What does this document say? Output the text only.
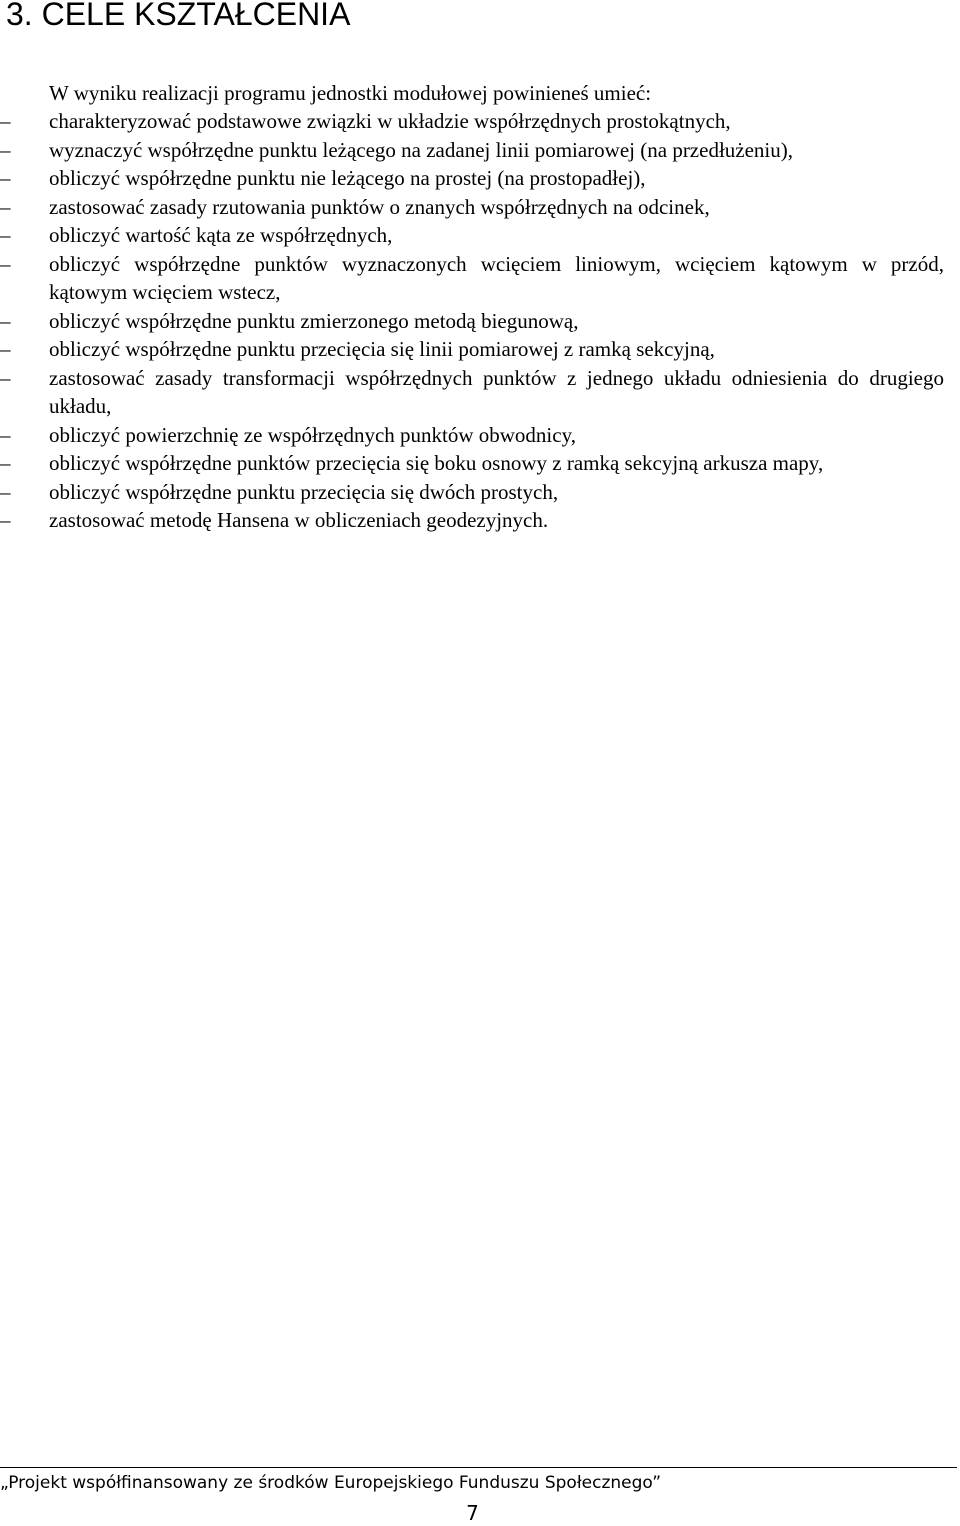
3. CELE KSZTAŁCENIA

W wyniku realizacji programu jednostki modułowej powinieneś umieć:

–	charakteryzować podstawowe związki w układzie współrzędnych prostokątnych,
–	wyznaczyć współrzędne punktu leżącego na zadanej linii pomiarowej (na przedłużeniu),
–	obliczyć współrzędne punktu nie leżącego na prostej (na prostopadłej),
–	zastosować zasady rzutowania punktów o znanych współrzędnych na odcinek,
–	obliczyć wartość kąta ze współrzędnych,
–	obliczyć współrzędne punktów wyznaczonych wcięciem liniowym, wcięciem kątowym w przód, kątowym wcięciem wstecz,
–	obliczyć współrzędne punktu zmierzonego metodą biegunową,
–	obliczyć współrzędne punktu przecięcia się linii pomiarowej z ramką sekcyjną,
–	zastosować zasady transformacji współrzędnych punktów z jednego układu odniesienia do drugiego układu,
–	obliczyć powierzchnię ze współrzędnych punktów obwodnicy,
–	obliczyć współrzędne punktów przecięcia się boku osnowy z ramką sekcyjną arkusza mapy,
–	obliczyć współrzędne punktu przecięcia się dwóch prostych,
–	zastosować metodę Hansena w obliczeniach geodezyjnych.

„Projekt współfinansowany ze środków Europejskiego Funduszu Społecznego”

7
